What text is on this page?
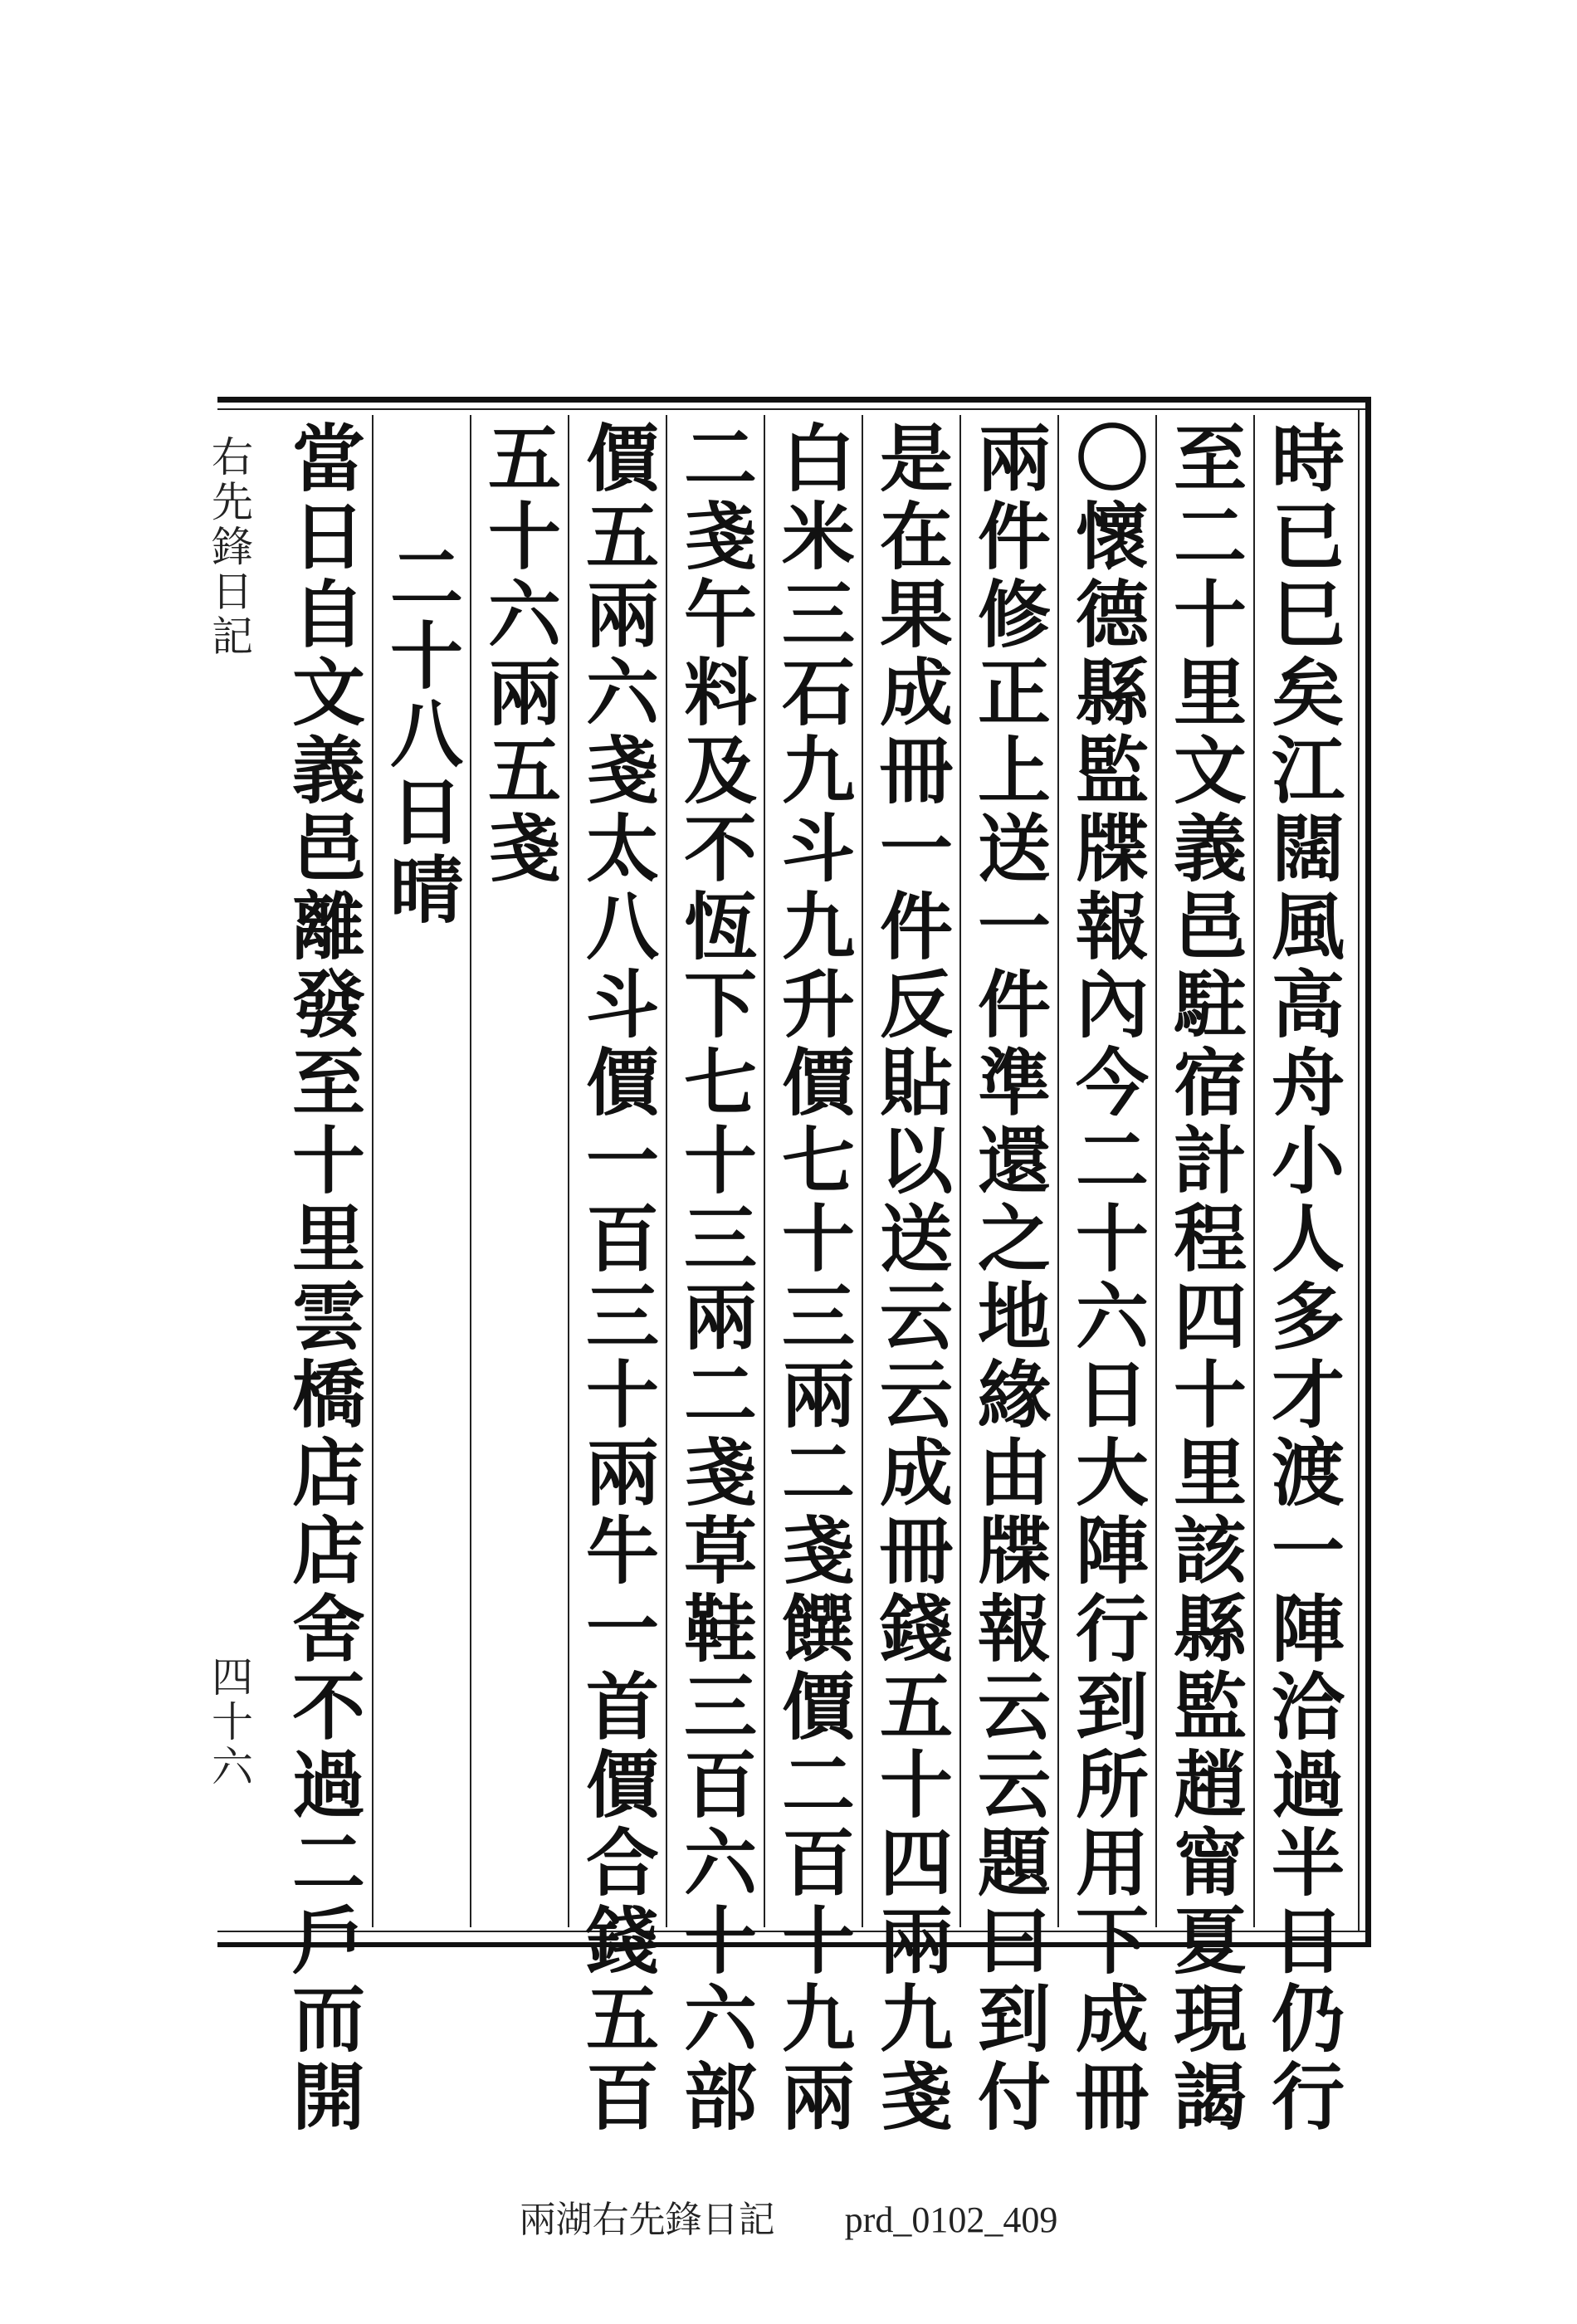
右先鋒日記
四十六	時已巳矣江闊風高舟小人多才渡一陣洽過半日仍行
至二十里文義邑駐宿計程四十里該縣監趙甯夏現謁
〇懷德縣監牒報內今二十六日大陣行到所用下成冊
兩件修正上送一件準還之地緣由牒報云云題曰到付
是在果成冊一件反貼以送云云成冊錢五十四兩九戔
白米三石九斗九升價七十三兩二戔饌價二百十九兩
二戔午料及不恆下七十三兩二戔草鞋三百六十六部
價五兩六戔太八斗價一百三十兩牛一首價合錢五百
五十六兩五戔
二十八日晴
當日自文義邑離發至十里雲橋店店舍不過二戶而開
兩湖右先鋒日記 prd_0102_409
